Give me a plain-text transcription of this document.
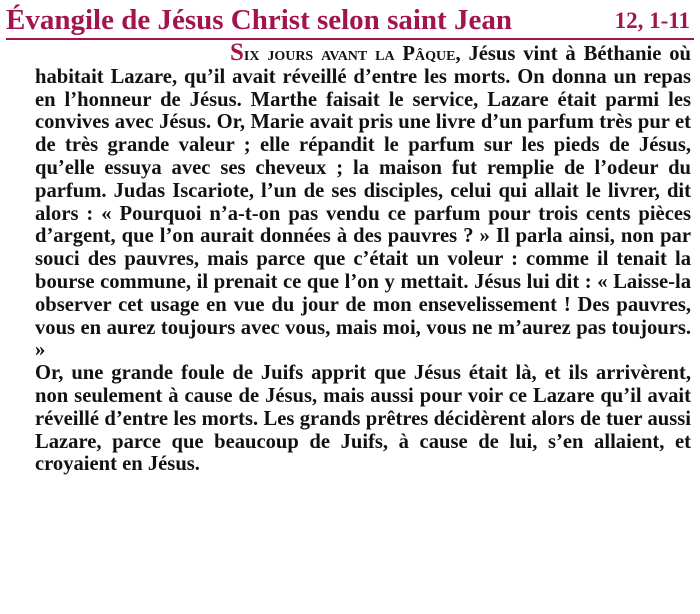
Évangile de Jésus Christ selon saint Jean	12, 1-11

Six jours avant la Pâque, Jésus vint à Béthanie où habitait Lazare, qu’il avait réveillé d’entre les morts. On donna un repas en l’honneur de Jésus. Marthe faisait le service, Lazare était parmi les convives avec Jésus. Or, Marie avait pris une livre d’un parfum très pur et de très grande valeur ; elle répandit le parfum sur les pieds de Jésus, qu’elle essuya avec ses cheveux ; la maison fut remplie de l’odeur du parfum. Judas Iscariote, l’un de ses disciples, celui qui allait le livrer, dit alors : « Pourquoi n’a-t-on pas vendu ce parfum pour trois cents pièces d’argent, que l’on aurait données à des pauvres ? » Il parla ainsi, non par souci des pauvres, mais parce que c’était un voleur : comme il tenait la bourse commune, il prenait ce que l’on y mettait. Jésus lui dit : « Laisse-la observer cet usage en vue du jour de mon ensevelissement ! Des pauvres, vous en aurez toujours avec vous, mais moi, vous ne m’aurez pas toujours. »

Or, une grande foule de Juifs apprit que Jésus était là, et ils arrivèrent, non seulement à cause de Jésus, mais aussi pour voir ce Lazare qu’il avait réveillé d’entre les morts. Les grands prêtres décidèrent alors de tuer aussi Lazare, parce que beaucoup de Juifs, à cause de lui, s’en allaient, et croyaient en Jésus.
